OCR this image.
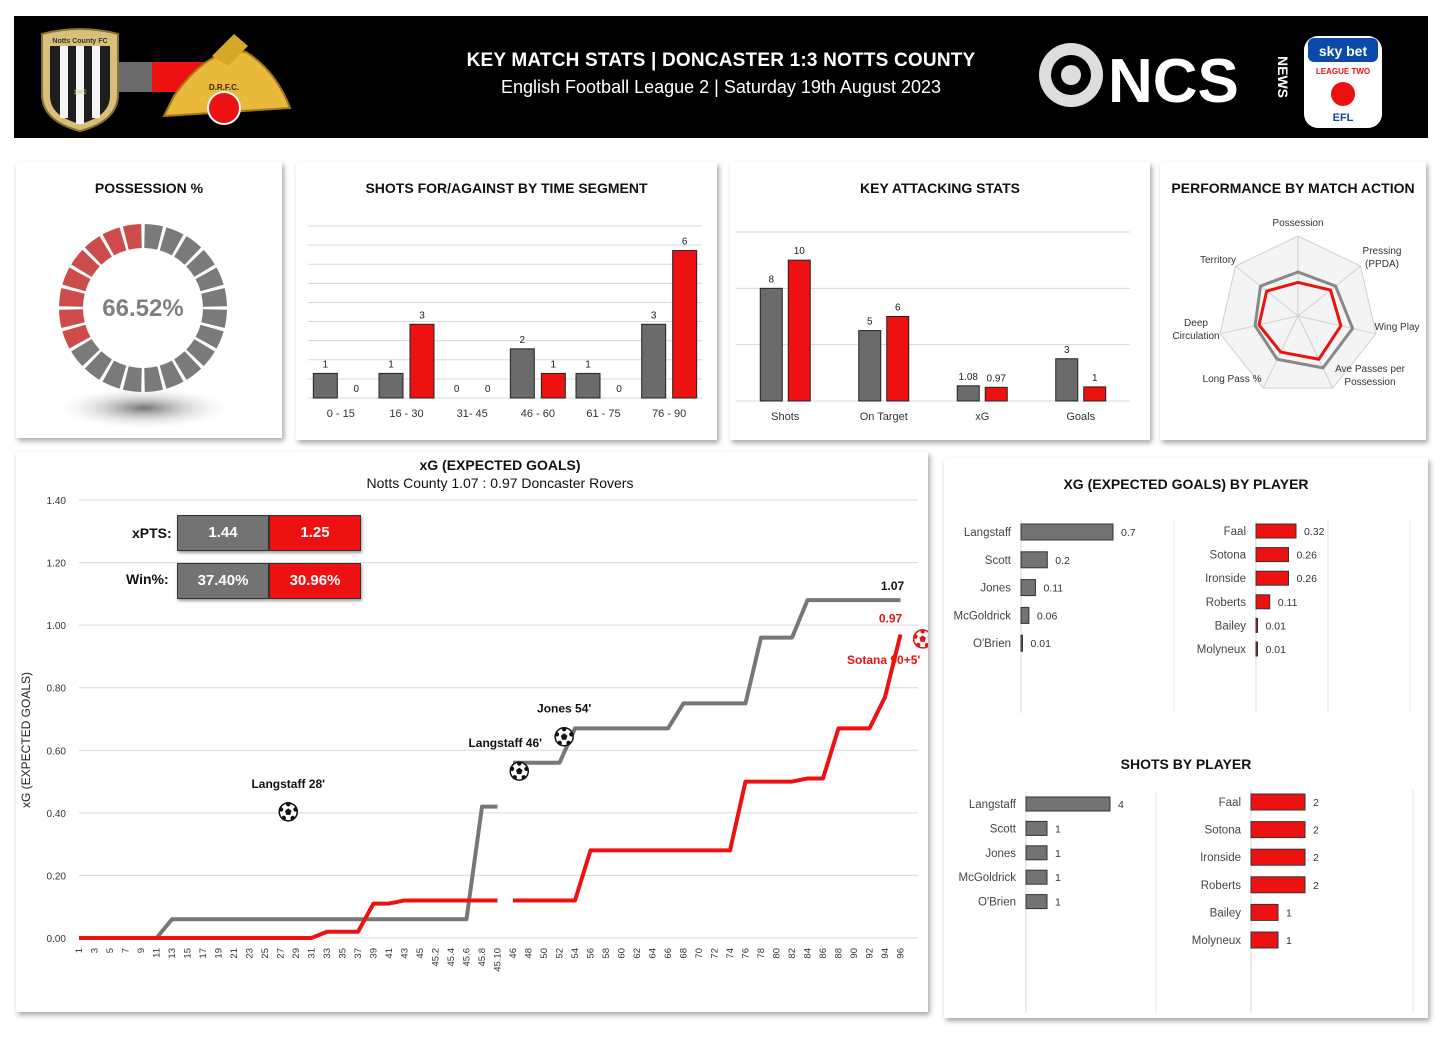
Notts County FC
1862
D.R.F.C.
KEY MATCH STATS | DONCASTER 1:3 NOTTS COUNTY
English Football League 2 | Saturday 19th August 2023	NCS	NEWS
sky bet
LEAGUE TWO
EFL
POSSESSION %
66.52%
SHOTS FOR/AGAINST BY TIME SEGMENT
1
0
0 - 15
1
3
16 - 30
0	0
31- 45
2
1
46 - 60
1
0
61 - 75
3
6
76 - 90
KEY ATTACKING STATS
8
10
Shots
5
6
On Target
1.08 0.97
xG
3
1
Goals
PERFORMANCE BY MATCH ACTION
Possession
Pressing (PPDA)
Wing Play
Ave Passes per Possession
Long Pass %
Deep Circulation
Territory
xG (EXPECTED GOALS)
Notts County 1.07 : 0.97 Doncaster Rovers
xG (EXPECTED GOALS)
0.00
0.20
0.40
0.60
0.80
1.00
1.20
1.40
1 3 5 7 9 11 13 15 17 19 21 23 25 27 29 31 33 35 37 39 41 43 45 45.2 45.4 45.6 45.8 45.10 46 48 50 52 54 56 58 60 62 64 66 68 70 72 74 76 78 80 82 84 86 88 90 92 94 96
Langstaff 28'
Langstaff 46'
Jones 54'
Sotana 90+5'
1.07
0.97
xPTS:	1.44	1.25
Win%:	37.40%	30.96%
XG (EXPECTED GOALS) BY PLAYER
SHOTS BY PLAYER
Langstaff	0.7
Scott	0.2
Jones	0.11
McGoldrick 0.06
O'Brien 0.01
Faal	0.32
Sotona	0.26
Ironside	0.26
Roberts	0.11
Bailey 0.01
Molyneux 0.01
Langstaff	4
Scott	1
Jones	1
McGoldrick	1
O'Brien	1
Faal	2
Sotona	2
Ironside	2
Roberts	2
Bailey	1
Molyneux	1
